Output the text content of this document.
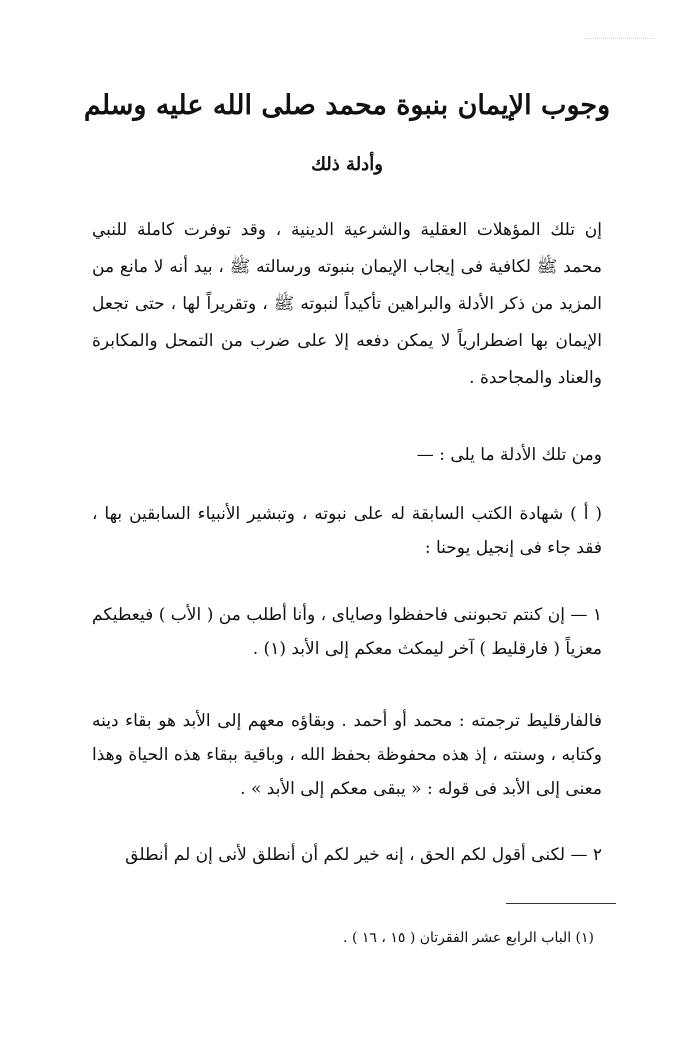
وجوب الإيمان بنبوة محمد صلى الله عليه وسلم
وأدلة ذلك

إن تلك المؤهلات العقلية والشرعية الدينية ، وقد توفرت كاملة للنبي محمد ﷺ لكافية فى إيجاب الإيمان بنبوته ورسالته ﷺ ، بيد أنه لا مانع من المزيد من ذكر الأدلة والبراهين تأكيداً لنبوته ﷺ ، وتقريراً لها ، حتى تجعل الإيمان بها اضطرارياً لا يمكن دفعه إلا على ضرب من التمحل والمكابرة والعناد والمجاحدة .

ومن تلك الأدلة ما يلى : —

( أ ) شهادة الكتب السابقة له على نبوته ، وتبشير الأنبياء السابقين بها ، فقد جاء فى إنجيل يوحنا :

١ — إن كنتم تحبوننى فاحفظوا وصاياى ، وأنا أطلب من ( الأب ) فيعطيكم معزياً ( فارقليط ) آخر ليمكث معكم إلى الأبد (١) .

فالفارقليط ترجمته : محمد أو أحمد . وبقاؤه معهم إلى الأبد هو بقاء دينه وكتابه ، وسنته ، إذ هذه محفوظة بحفظ الله ، وباقية ببقاء هذه الحياة وهذا معنى إلى الأبد فى قوله : « يبقى معكم إلى الأبد » .

٢ — لكنى أقول لكم الحق ، إنه خير لكم أن أنطلق لأنى إن لم أنطلق

(١) الباب الرابع عشر الفقرتان ( ١٥ ، ١٦ ) .
